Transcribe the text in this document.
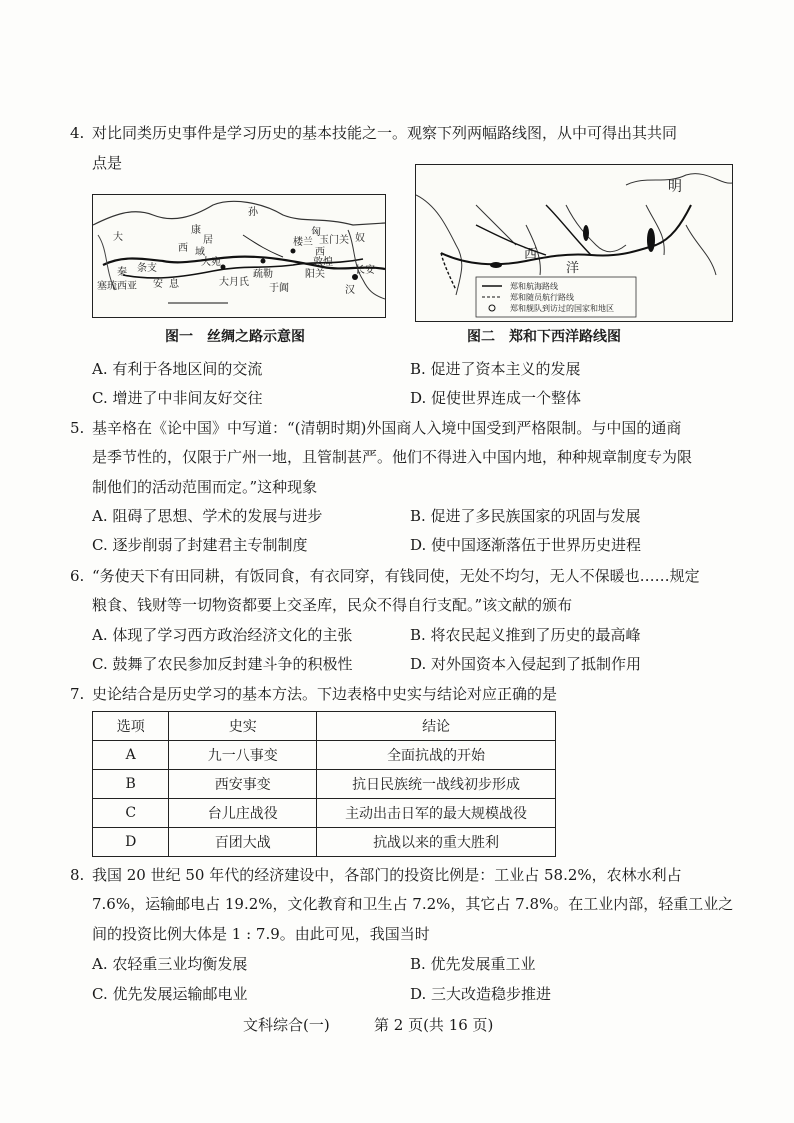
4. 对比同类历史事件是学习历史的基本技能之一。观察下列两幅路线图，从中可得出其共同
点是
匈
奴
大
康
居
孙
西 域	西
大宛
楼兰 玉门关
敦煌
阳关
秦 条支
安 息	大月氏
疏勒
于阗
长安
汉
塞琉西亚
图一　丝绸之路示意图
明
西
洋
郑和航海路线
郑和随员航行路线
郑和舰队到访过的国家和地区
图二　郑和下西洋路线图
A. 有利于各地区间的交流	B. 促进了资本主义的发展
C. 增进了中非间友好交往	D. 促使世界连成一个整体
5. 基辛格在《论中国》中写道：“(清朝时期)外国商人入境中国受到严格限制。与中国的通商
是季节性的，仅限于广州一地，且管制甚严。他们不得进入中国内地，种种规章制度专为限
制他们的活动范围而定。”这种现象
A. 阻碍了思想、学术的发展与进步	B. 促进了多民族国家的巩固与发展
C. 逐步削弱了封建君主专制制度	D. 使中国逐渐落伍于世界历史进程
6. “务使天下有田同耕，有饭同食，有衣同穿，有钱同使，无处不均匀，无人不保暖也……规定
粮食、钱财等一切物资都要上交圣库，民众不得自行支配。”该文献的颁布
A. 体现了学习西方政治经济文化的主张	B. 将农民起义推到了历史的最高峰
C. 鼓舞了农民参加反封建斗争的积极性	D. 对外国资本入侵起到了抵制作用
7. 史论结合是历史学习的基本方法。下边表格中史实与结论对应正确的是
选项	史实	结论
A	九一八事变	全面抗战的开始
B	西安事变	抗日民族统一战线初步形成
C	台儿庄战役	主动出击日军的最大规模战役
D	百团大战	抗战以来的重大胜利
8. 我国 20 世纪 50 年代的经济建设中，各部门的投资比例是：工业占 58.2%，农林水利占
7.6%，运输邮电占 19.2%，文化教育和卫生占 7.2%，其它占 7.8%。在工业内部，轻重工业之
间的投资比例大体是 1 : 7.9。由此可见，我国当时
A. 农轻重三业均衡发展	B. 优先发展重工业
C. 优先发展运输邮电业	D. 三大改造稳步推进
文科综合(一)	第 2 页(共 16 页)
